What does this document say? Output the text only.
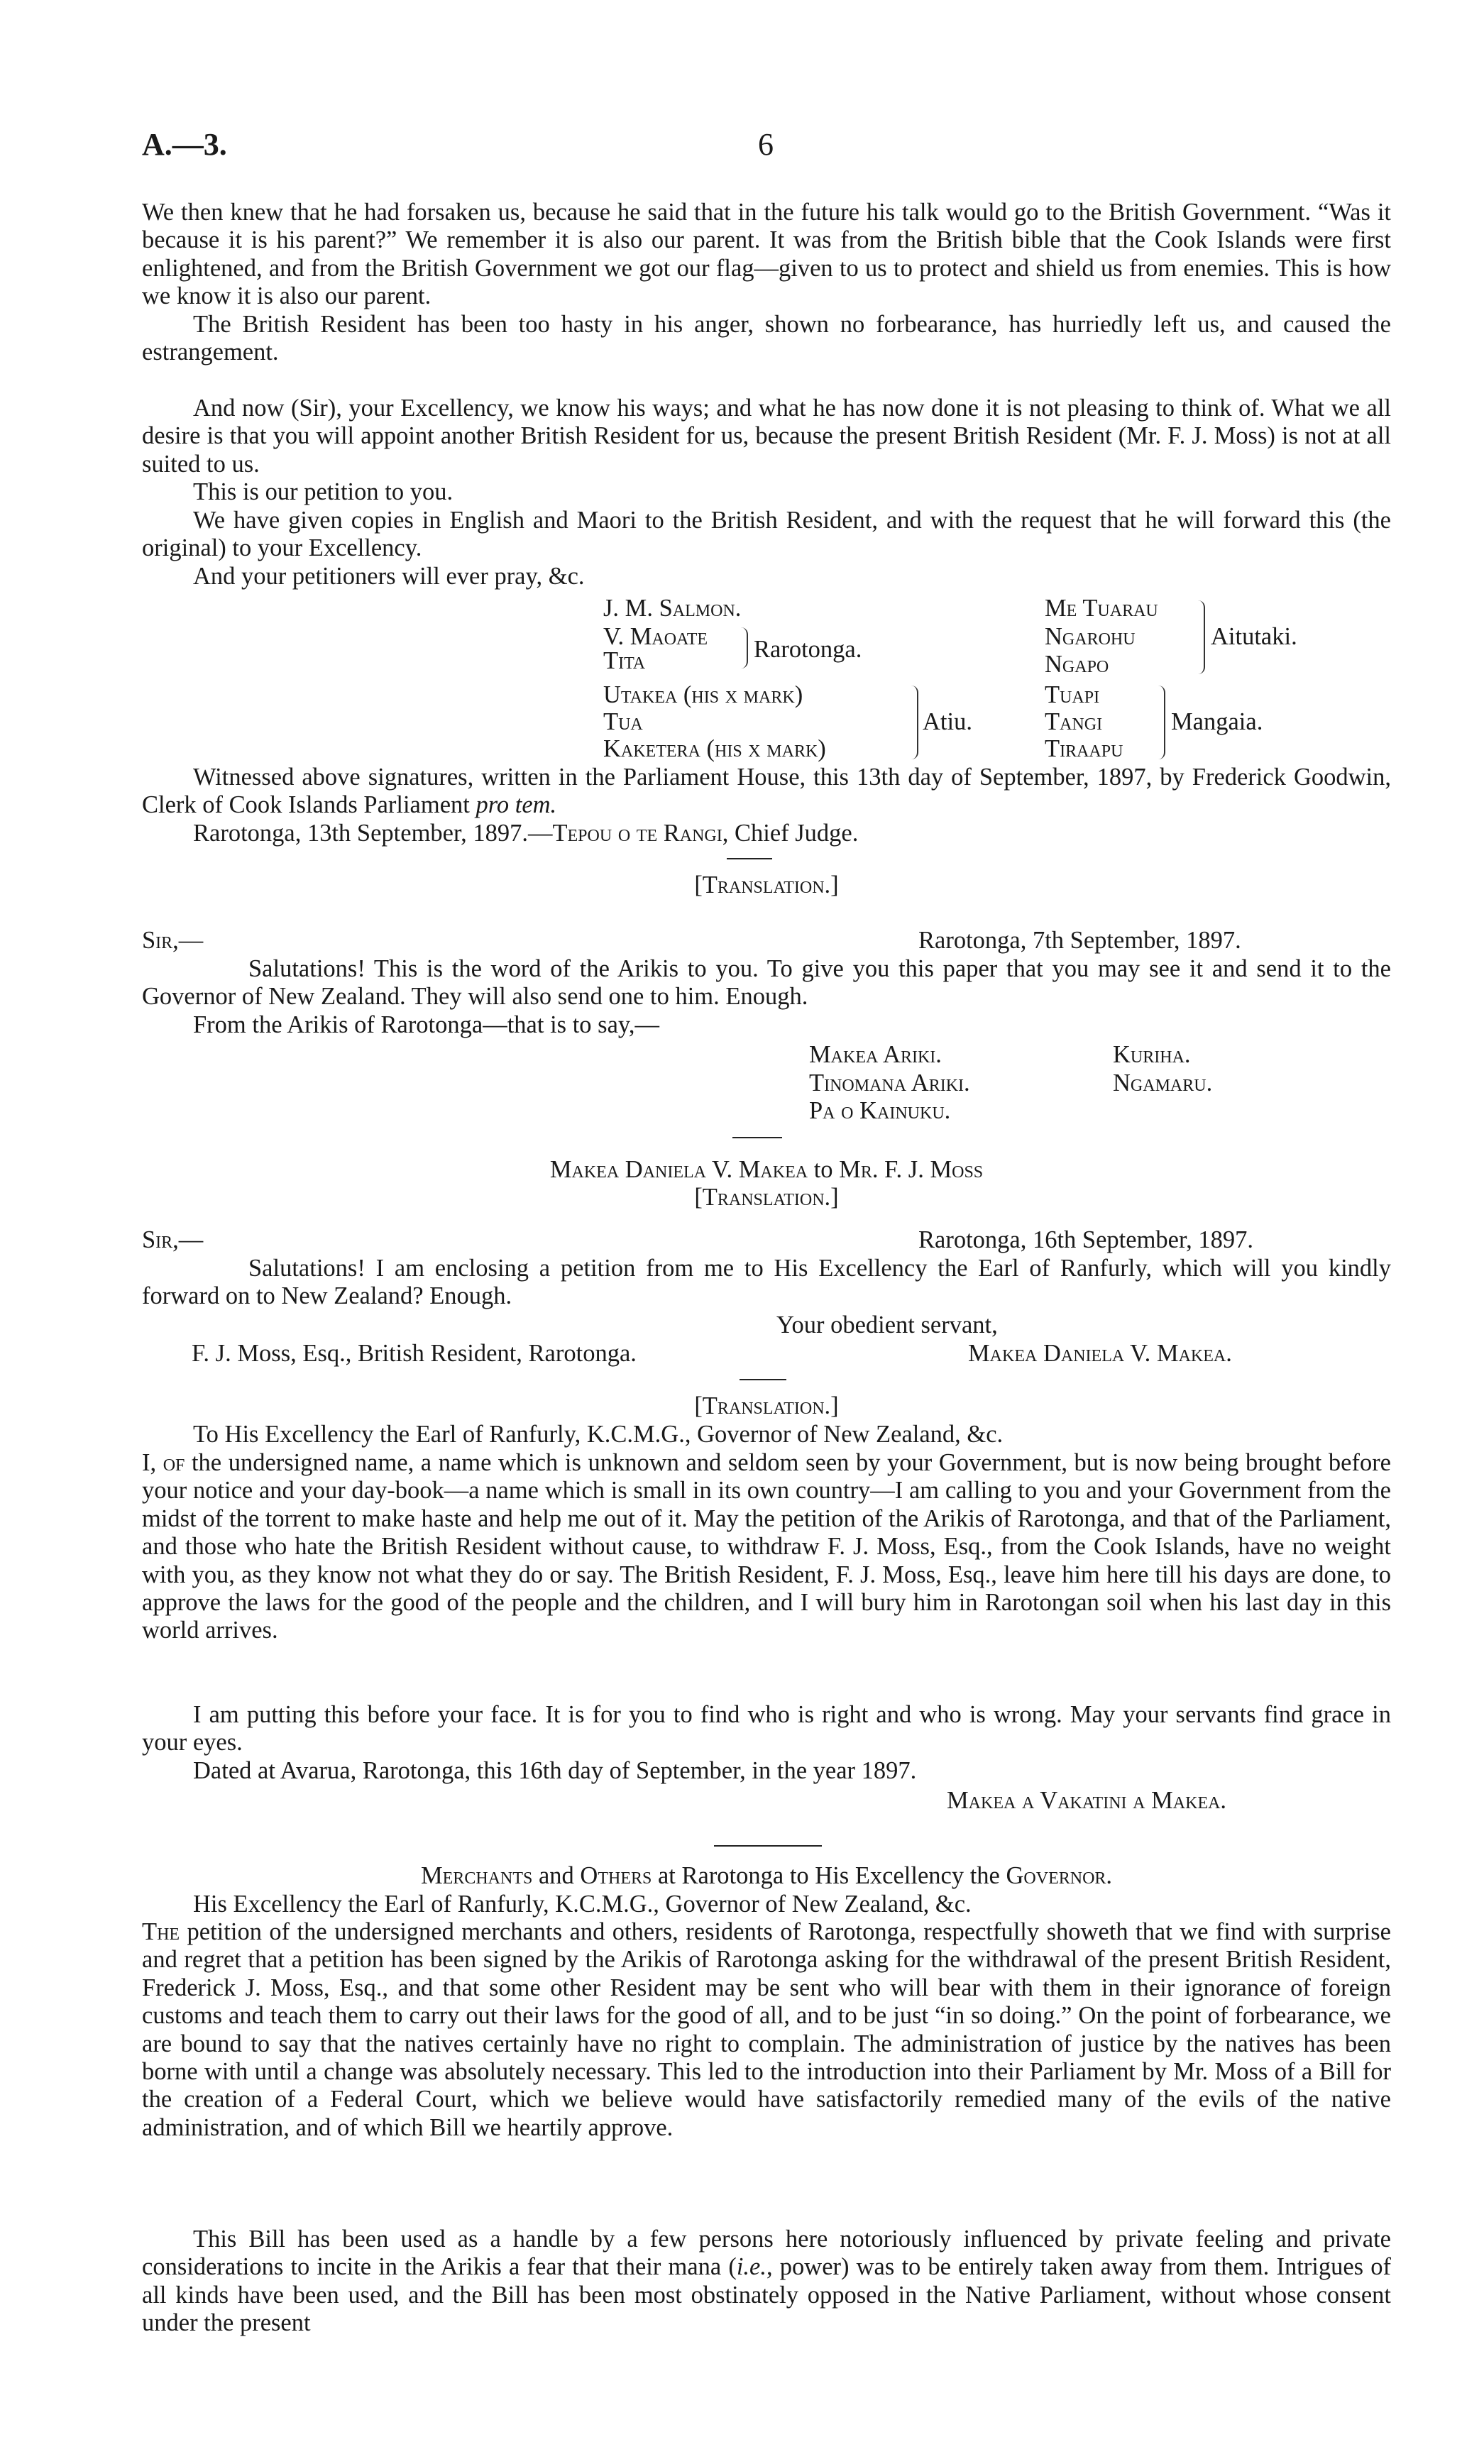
A.—3.	6

We then knew that he had forsaken us, because he said that in the future his talk would go to the British Government. “Was it because it is his parent?” We remember it is also our parent. It was from the British bible that the Cook Islands were first enlightened, and from the British Government we got our flag—given to us to protect and shield us from enemies. This is how we know it is also our parent.

The British Resident has been too hasty in his anger, shown no forbearance, has hurriedly left us, and caused the estrangement.

And now (Sir), your Excellency, we know his ways; and what he has now done it is not pleasing to think of. What we all desire is that you will appoint another British Resident for us, because the present British Resident (Mr. F. J. Moss) is not at all suited to us.

This is our petition to you.

We have given copies in English and Maori to the British Resident, and with the request that he will forward this (the original) to your Excellency.

And your petitioners will ever pray, &c.

J. M. Salmon.
V. Maoate
Tita	Rarotonga.
Utakea (his x mark)
Tua
Kaketera (his x mark)
Atiu.
Me Tuarau
Ngarohu
Ngapo
Aitutaki.
Tuapi
Tangi
Tiraapu
Mangaia.

Witnessed above signatures, written in the Parliament House, this 13th day of September, 1897, by Frederick Goodwin, Clerk of Cook Islands Parliament pro tem.

Rarotonga, 13th September, 1897.—Tepou o te Rangi, Chief Judge.

[Translation.]
Sir,—	Rarotonga, 7th September, 1897.

Salutations! This is the word of the Arikis to you. To give you this paper that you may see it and send it to the Governor of New Zealand. They will also send one to him. Enough.

From the Arikis of Rarotonga—that is to say,—

Makea Ariki.
Tinomana Ariki.
Pa o Kainuku.
Kuriha.
Ngamaru.
Makea Daniela V. Makea to Mr. F. J. Moss
[Translation.]
Sir,—	Rarotonga, 16th September, 1897.

Salutations! I am enclosing a petition from me to His Excellency the Earl of Ranfurly, which will you kindly forward on to New Zealand? Enough.

Your obedient servant,
F. J. Moss, Esq., British Resident, Rarotonga.	Makea Daniela V. Makea.
[Translation.]

To His Excellency the Earl of Ranfurly, K.C.M.G., Governor of New Zealand, &c.

I, of the undersigned name, a name which is unknown and seldom seen by your Government, but is now being brought before your notice and your day-book—a name which is small in its own country—I am calling to you and your Government from the midst of the torrent to make haste and help me out of it. May the petition of the Arikis of Rarotonga, and that of the Parliament, and those who hate the British Resident without cause, to withdraw F. J. Moss, Esq., from the Cook Islands, have no weight with you, as they know not what they do or say. The British Resident, F. J. Moss, Esq., leave him here till his days are done, to approve the laws for the good of the people and the children, and I will bury him in Rarotongan soil when his last day in this world arrives.

I am putting this before your face. It is for you to find who is right and who is wrong. May your servants find grace in your eyes.

Dated at Avarua, Rarotonga, this 16th day of September, in the year 1897.

Makea a Vakatini a Makea.
Merchants and Others at Rarotonga to His Excellency the Governor.

His Excellency the Earl of Ranfurly, K.C.M.G., Governor of New Zealand, &c.

The petition of the undersigned merchants and others, residents of Rarotonga, respectfully showeth that we find with surprise and regret that a petition has been signed by the Arikis of Rarotonga asking for the withdrawal of the present British Resident, Frederick J. Moss, Esq., and that some other Resident may be sent who will bear with them in their ignorance of foreign customs and teach them to carry out their laws for the good of all, and to be just “in so doing.” On the point of forbearance, we are bound to say that the natives certainly have no right to complain. The administration of justice by the natives has been borne with until a change was absolutely necessary. This led to the introduction into their Parliament by Mr. Moss of a Bill for the creation of a Federal Court, which we believe would have satisfactorily remedied many of the evils of the native administration, and of which Bill we heartily approve.

This Bill has been used as a handle by a few persons here notoriously influenced by private feeling and private considerations to incite in the Arikis a fear that their mana (i.e., power) was to be entirely taken away from them. Intrigues of all kinds have been used, and the Bill has been most obstinately opposed in the Native Parliament, without whose consent under the present
